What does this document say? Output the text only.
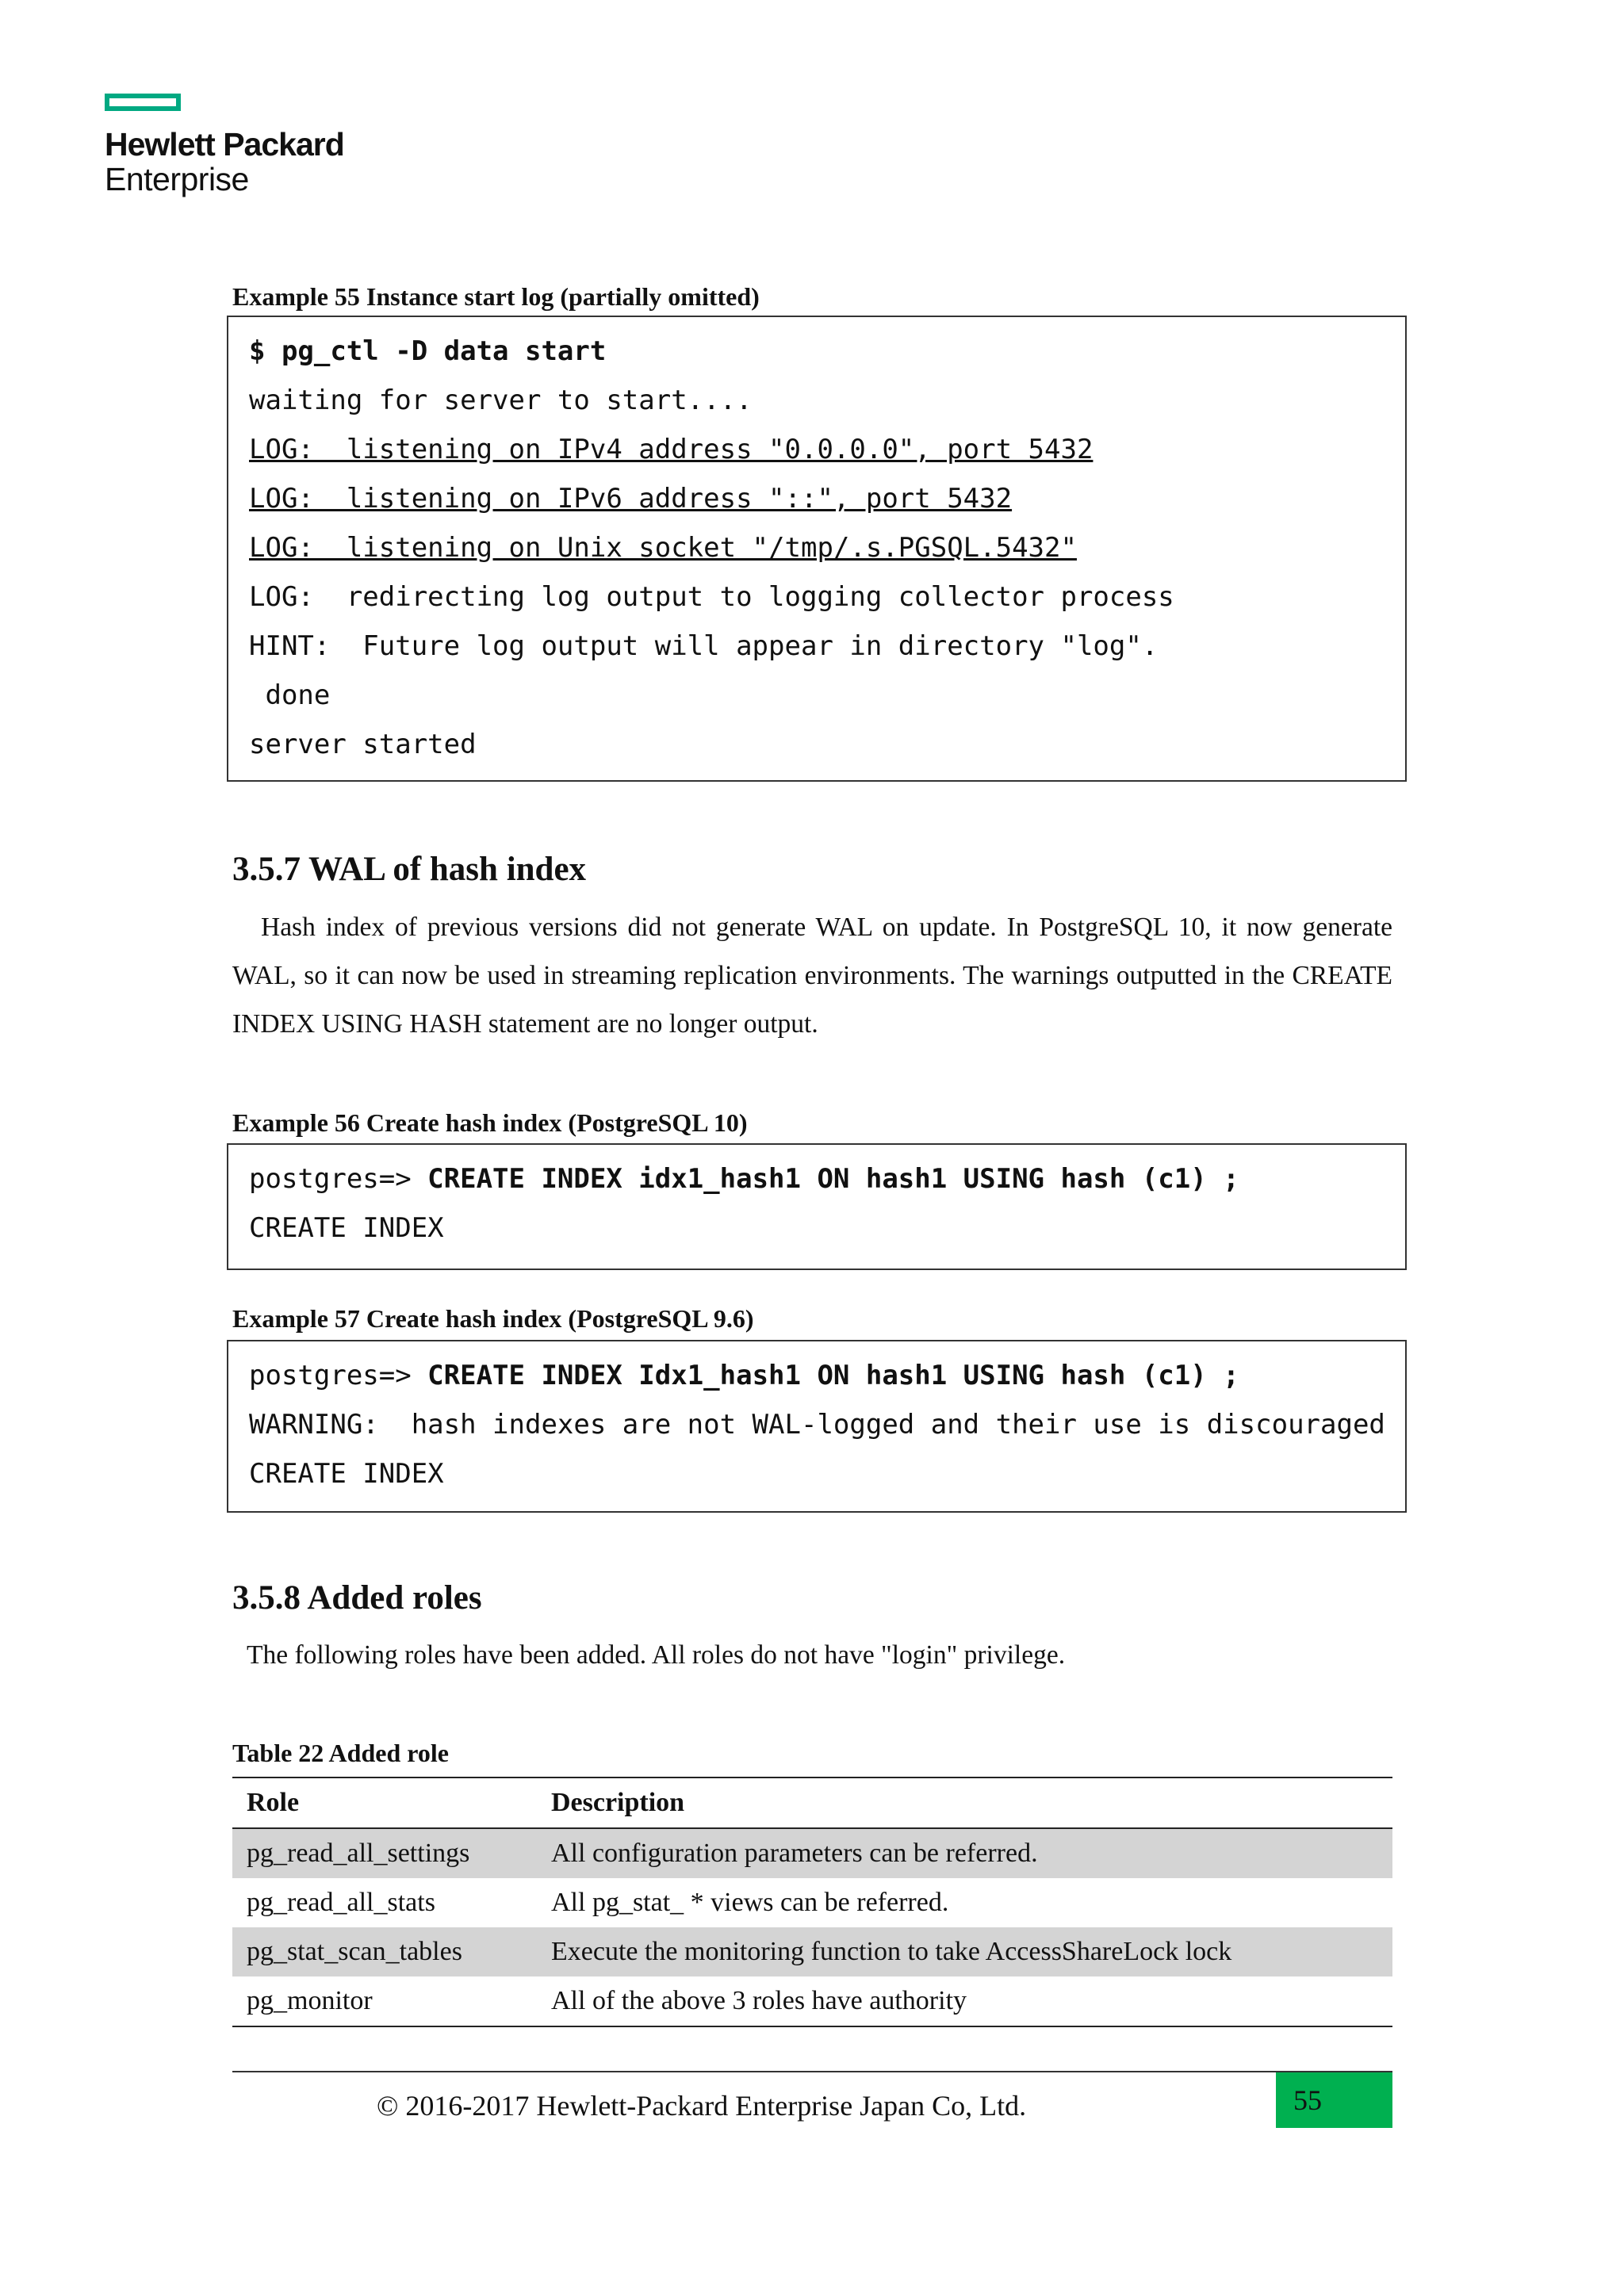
Hewlett Packard
Enterprise
Example 55 Instance start log (partially omitted)
$ pg_ctl -D data start
waiting for server to start....
LOG:  listening on IPv4 address "0.0.0.0", port 5432
LOG:  listening on IPv6 address "::", port 5432
LOG:  listening on Unix socket "/tmp/.s.PGSQL.5432"
LOG:  redirecting log output to logging collector process
HINT:  Future log output will appear in directory "log".
done
server started
3.5.7 WAL of hash index
Hash index of previous versions did not generate WAL on update. In PostgreSQL 10, it now generate WAL, so it can now be used in streaming replication environments. The warnings outputted in the CREATE INDEX USING HASH statement are no longer output.
Example 56 Create hash index (PostgreSQL 10)
postgres=> CREATE INDEX idx1_hash1 ON hash1 USING hash (c1) ;
CREATE INDEX
Example 57 Create hash index (PostgreSQL 9.6)
postgres=> CREATE INDEX Idx1_hash1 ON hash1 USING hash (c1) ;
WARNING:  hash indexes are not WAL-logged and their use is discouraged
CREATE INDEX
3.5.8 Added roles
The following roles have been added. All roles do not have "login" privilege.
Table 22 Added role
Role	Description
pg_read_all_settings	All configuration parameters can be referred.
pg_read_all_stats	All pg_stat_ * views can be referred.
pg_stat_scan_tables	Execute the monitoring function to take AccessShareLock lock
pg_monitor	All of the above 3 roles have authority
© 2016-2017 Hewlett-Packard Enterprise Japan Co, Ltd.	55
